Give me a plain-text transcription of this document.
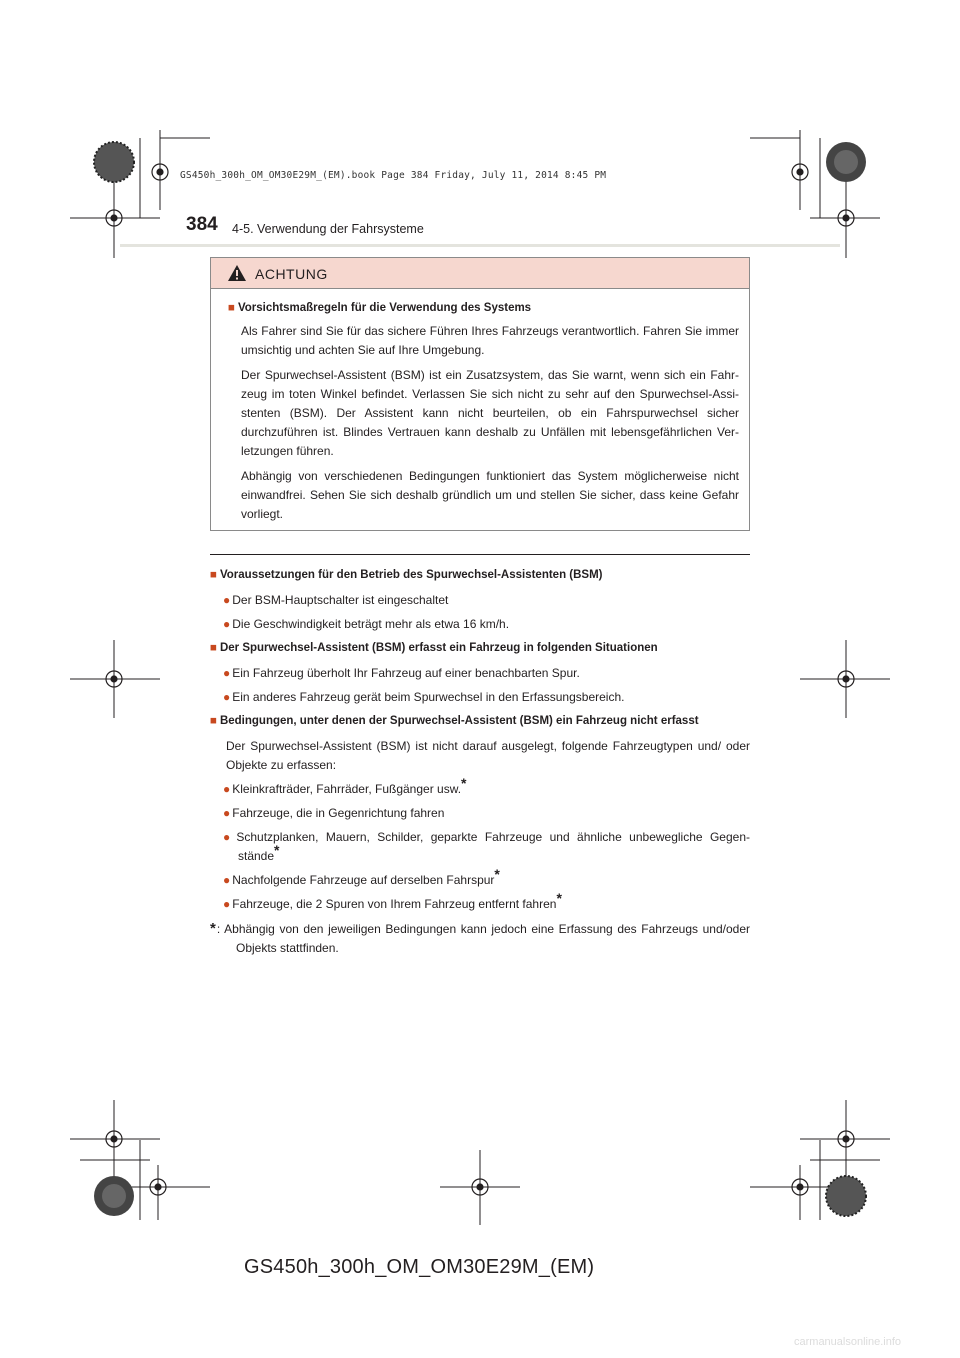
GS450h_300h_OM_OM30E29M_(EM).book Page 384 Friday, July 11, 2014 8:45 PM
384 4-5. Verwendung der Fahrsysteme
ACHTUNG
■ Vorsichtsmaßregeln für die Verwendung des Systems

Als Fahrer sind Sie für das sichere Führen Ihres Fahrzeugs verantwortlich. Fahren Sie immer umsichtig und achten Sie auf Ihre Umgebung.

Der Spurwechsel-Assistent (BSM) ist ein Zusatzsystem, das Sie warnt, wenn sich ein Fahr-zeug im toten Winkel befindet. Verlassen Sie sich nicht zu sehr auf den Spurwechsel-Assi-stenten (BSM). Der Assistent kann nicht beurteilen, ob ein Fahrspurwechsel sicher durchzuführen ist. Blindes Vertrauen kann deshalb zu Unfällen mit lebensgefährlichen Ver-letzungen führen.

Abhängig von verschiedenen Bedingungen funktioniert das System möglicherweise nicht einwandfrei. Sehen Sie sich deshalb gründlich um und stellen Sie sicher, dass keine Gefahr vorliegt.

■ Voraussetzungen für den Betrieb des Spurwechsel-Assistenten (BSM)

● Der BSM-Hauptschalter ist eingeschaltet

● Die Geschwindigkeit beträgt mehr als etwa 16 km/h.

■ Der Spurwechsel-Assistent (BSM) erfasst ein Fahrzeug in folgenden Situationen

● Ein Fahrzeug überholt Ihr Fahrzeug auf einer benachbarten Spur.

● Ein anderes Fahrzeug gerät beim Spurwechsel in den Erfassungsbereich.

■ Bedingungen, unter denen der Spurwechsel-Assistent (BSM) ein Fahrzeug nicht erfasst

Der Spurwechsel-Assistent (BSM) ist nicht darauf ausgelegt, folgende Fahrzeugtypen und/ oder Objekte zu erfassen:

● Kleinkrafträder, Fahrräder, Fußgänger usw.*

● Fahrzeuge, die in Gegenrichtung fahren

● Schutzplanken, Mauern, Schilder, geparkte Fahrzeuge und ähnliche unbewegliche Gegen-stände*

● Nachfolgende Fahrzeuge auf derselben Fahrspur*

● Fahrzeuge, die 2 Spuren von Ihrem Fahrzeug entfernt fahren*

*: Abhängig von den jeweiligen Bedingungen kann jedoch eine Erfassung des Fahrzeugs und/oder Objekts stattfinden.

GS450h_300h_OM_OM30E29M_(EM)
carmanualsonline.info
